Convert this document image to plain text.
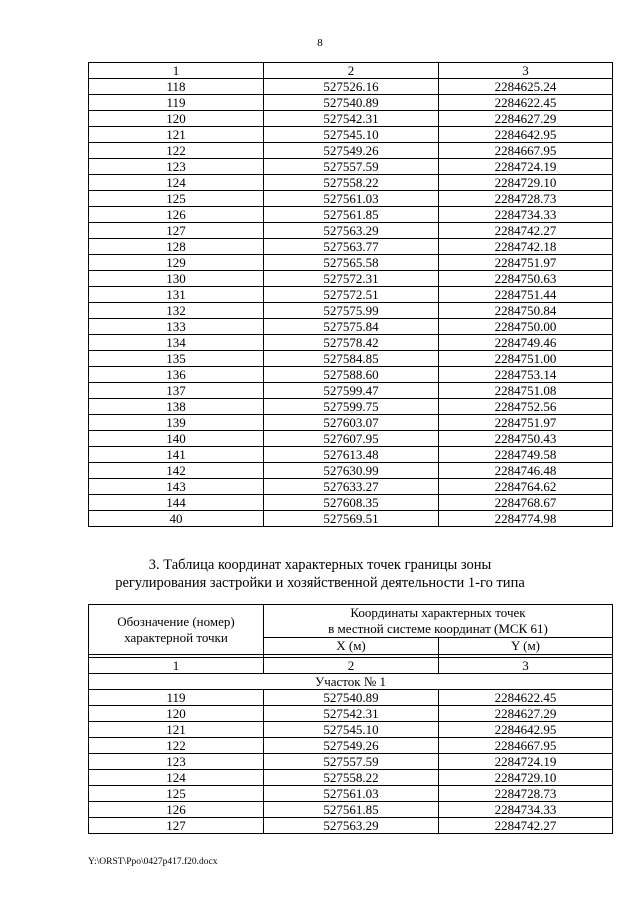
8
1	2	3
118	527526.16	2284625.24
119	527540.89	2284622.45
120	527542.31	2284627.29
121	527545.10	2284642.95
122	527549.26	2284667.95
123	527557.59	2284724.19
124	527558.22	2284729.10
125	527561.03	2284728.73
126	527561.85	2284734.33
127	527563.29	2284742.27
128	527563.77	2284742.18
129	527565.58	2284751.97
130	527572.31	2284750.63
131	527572.51	2284751.44
132	527575.99	2284750.84
133	527575.84	2284750.00
134	527578.42	2284749.46
135	527584.85	2284751.00
136	527588.60	2284753.14
137	527599.47	2284751.08
138	527599.75	2284752.56
139	527603.07	2284751.97
140	527607.95	2284750.43
141	527613.48	2284749.58
142	527630.99	2284746.48
143	527633.27	2284764.62
144	527608.35	2284768.67
40	527569.51	2284774.98
3. Таблица координат характерных точек границы зоны
регулирования застройки и хозяйственной деятельности 1-го типа
Обозначение (номер) характерной точки	Координаты характерных точек
в местной системе координат (МСК 61)	

	X (м)	Y (м)

1	2	3
Участок № 1		
119	527540.89	2284622.45
120	527542.31	2284627.29
121	527545.10	2284642.95
122	527549.26	2284667.95
123	527557.59	2284724.19
124	527558.22	2284729.10
125	527561.03	2284728.73
126	527561.85	2284734.33
127	527563.29	2284742.27
Y:\ORST\Ppo\0427p417.f20.docx
